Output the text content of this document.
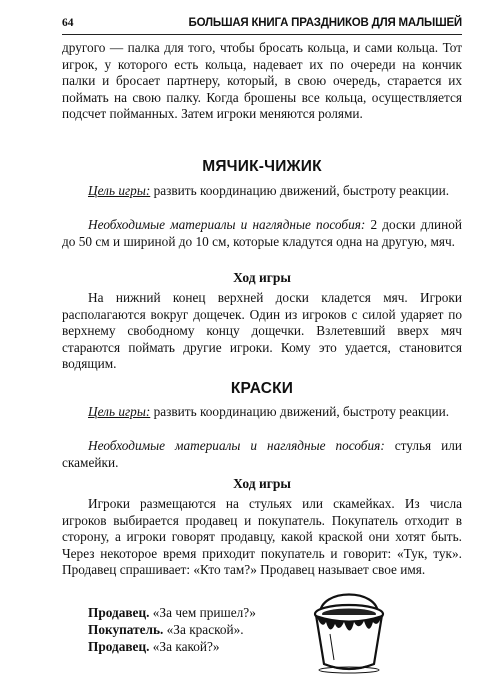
64	БОЛЬШАЯ КНИГА ПРАЗДНИКОВ ДЛЯ МАЛЫШЕЙ

другого — палка для того, чтобы бросать кольца, и сами кольца. Тот игрок, у которого есть кольца, надевает их по очереди на кончик палки и бросает партнеру, который, в свою очередь, старается их поймать на свою палку. Когда брошены все кольца, осуществляется подсчет пойманных. Затем игроки меняются ролями.

МЯЧИК-ЧИЖИК

Цель игры: развить координацию движений, быстроту реакции.

Необходимые материалы и наглядные пособия: 2 доски длиной до 50 см и шириной до 10 см, которые кладутся одна на другую, мяч.

Ход игры

На нижний конец верхней доски кладется мяч. Игроки располагаются вокруг дощечек. Один из игроков с силой ударяет по верхнему свободному концу дощечки. Взлетевший вверх мяч стараются поймать другие игроки. Кому это удается, становится водящим.

КРАСКИ

Цель игры: развить координацию движений, быстроту реакции.

Необходимые материалы и наглядные пособия: стулья или скамейки.

Ход игры

Игроки размещаются на стульях или скамейках. Из числа игроков выбирается продавец и покупатель. Покупатель отходит в сторону, а игроки говорят продавцу, какой краской они хотят быть. Через некоторое время приходит покупатель и говорит: «Тук, тук». Продавец спрашивает: «Кто там?» Продавец называет свое имя.

Продавец. «За чем пришел?»
Покупатель. «За краской».
Продавец. «За какой?»
